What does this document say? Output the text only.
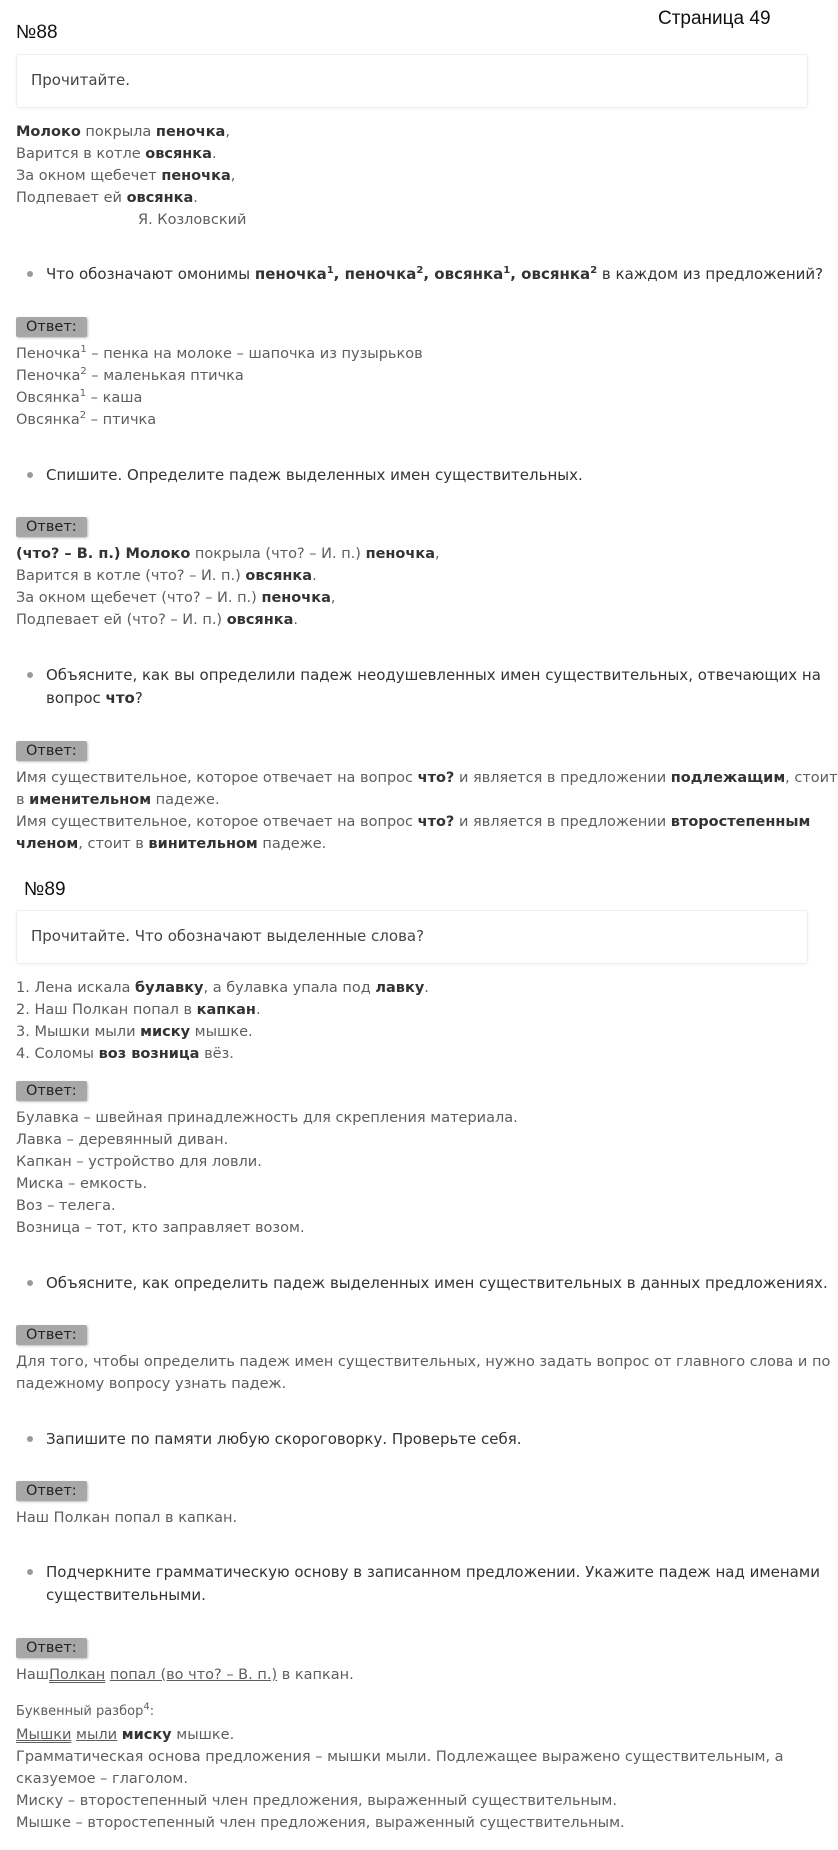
Страница 49
№88
Прочитайте.
Молоко покрыла пеночка,
Варится в котле овсянка.
За окном щебечет пеночка,
Подпевает ей овсянка.
Я. Козловский
Что обозначают омонимы пеночка$^1$, пеночка$^2$, овсянка$^1$, овсянка$^2$ в каждом из предложений?
Ответ:
Пеночка$^1$ – пенка на молоке – шапочка из пузырьков
Пеночка$^2$ – маленькая птичка
Овсянка$^1$ – каша
Овсянка$^2$ – птичка
Спишите. Определите падеж выделенных имен существительных.
Ответ:
(что? – В. п.) Молоко покрыла (что? – И. п.) пеночка,
Варится в котле (что? – И. п.) овсянка.
За окном щебечет (что? – И. п.) пеночка,
Подпевает ей (что? – И. п.) овсянка.
Объясните, как вы определили падеж неодушевленных имен существительных, отвечающих на
вопрос что?
Ответ:
Имя существительное, которое отвечает на вопрос что? и является в предложении подлежащим, стоит
в именительном падеже.
Имя существительное, которое отвечает на вопрос что? и является в предложении второстепенным
членом, стоит в винительном падеже.
№89
Прочитайте. Что обозначают выделенные слова?
1. Лена искала булавку, а булавка упала под лавку.
2. Наш Полкан попал в капкан.
3. Мышки мыли миску мышке.
4. Соломы воз возница вёз.
Ответ:
Булавка – швейная принадлежность для скрепления материала.
Лавка – деревянный диван.
Капкан – устройство для ловли.
Миска – емкость.
Воз – телега.
Возница – тот, кто заправляет возом.
Объясните, как определить падеж выделенных имен существительных в данных предложениях.
Ответ:
Для того, чтобы определить падеж имен существительных, нужно задать вопрос от главного слова и по
падежному вопросу узнать падеж.
Запишите по памяти любую скороговорку. Проверьте себя.
Ответ:
Наш Полкан попал в капкан.
Подчеркните грамматическую основу в записанном предложении. Укажите падеж над именами
существительными.
Ответ:
НашПолкан попал (во что? – В. п.) в капкан.
Буквенный разбор$^4$:
Мышки мыли миску мышке.
Грамматическая основа предложения – мышки мыли. Подлежащее выражено существительным, а
сказуемое – глаголом.
Миску – второстепенный член предложения, выраженный существительным.
Мышке – второстепенный член предложения, выраженный существительным.
